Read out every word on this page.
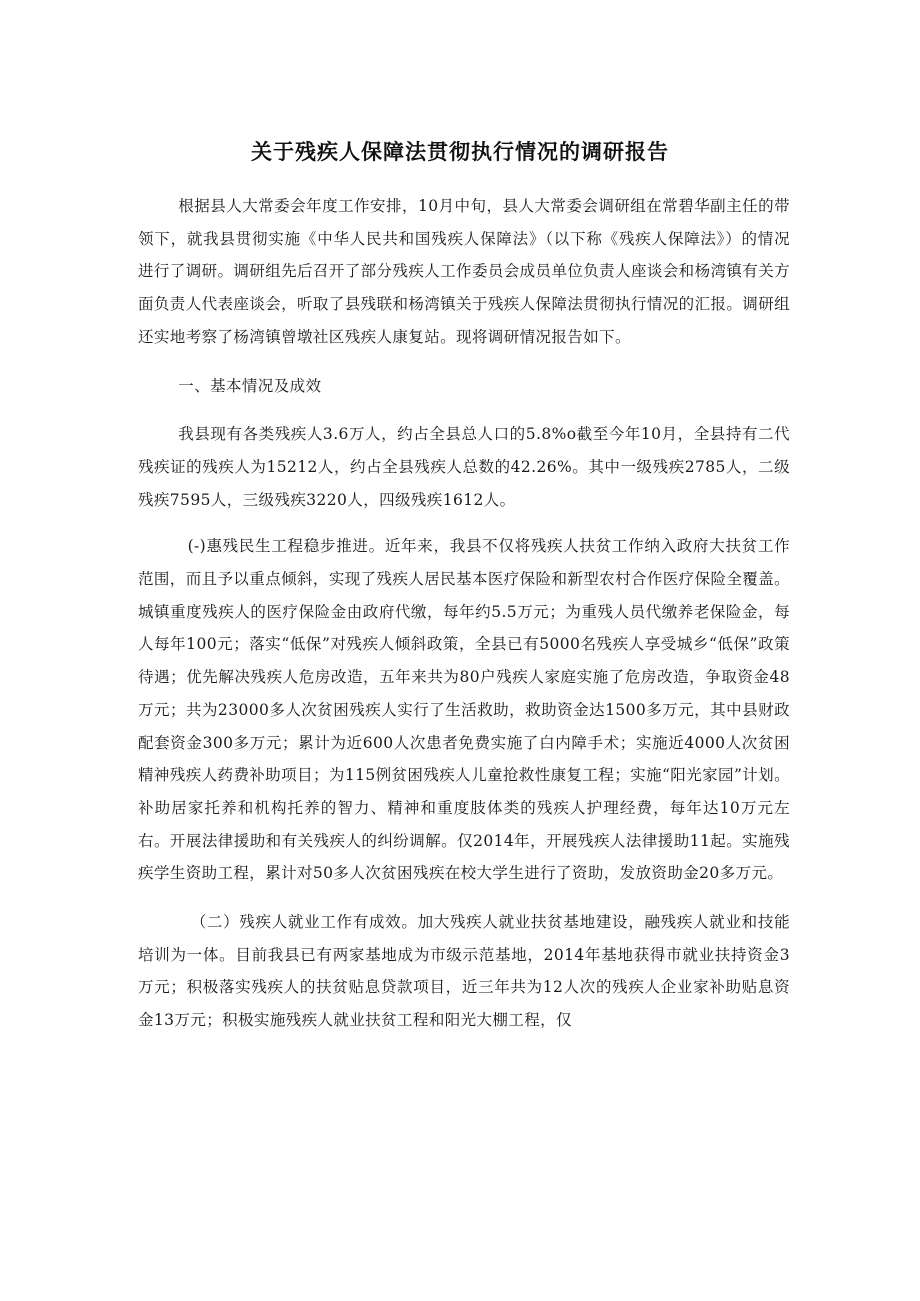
关于残疾人保障法贯彻执行情况的调研报告

根据县人大常委会年度工作安排，10月中旬，县人大常委会调研组在常碧华副主任的带领下，就我县贯彻实施《中华人民共和国残疾人保障法》（以下称《残疾人保障法》）的情况进行了调研。调研组先后召开了部分残疾人工作委员会成员单位负责人座谈会和杨湾镇有关方面负责人代表座谈会，听取了县残联和杨湾镇关于残疾人保障法贯彻执行情况的汇报。调研组还实地考察了杨湾镇曾墩社区残疾人康复站。现将调研情况报告如下。

一、基本情况及成效

我县现有各类残疾人3.6万人，约占全县总人口的5.8%o截至今年10月，全县持有二代残疾证的残疾人为15212人，约占全县残疾人总数的42.26%。其中一级残疾2785人，二级残疾7595人，三级残疾3220人，四级残疾1612人。

(-)惠残民生工程稳步推进。近年来，我县不仅将残疾人扶贫工作纳入政府大扶贫工作范围，而且予以重点倾斜，实现了残疾人居民基本医疗保险和新型农村合作医疗保险全覆盖。城镇重度残疾人的医疗保险金由政府代缴，每年约5.5万元；为重残人员代缴养老保险金，每人每年100元；落实“低保”对残疾人倾斜政策，全县已有5000名残疾人享受城乡“低保”政策待遇；优先解决残疾人危房改造，五年来共为80户残疾人家庭实施了危房改造，争取资金48万元；共为23000多人次贫困残疾人实行了生活救助，救助资金达1500多万元，其中县财政配套资金300多万元；累计为近600人次患者免费实施了白内障手术；实施近4000人次贫困精神残疾人药费补助项目；为115例贫困残疾人儿童抢救性康复工程；实施“阳光家园”计划。补助居家托养和机构托养的智力、精神和重度肢体类的残疾人护理经费，每年达10万元左右。开展法律援助和有关残疾人的纠纷调解。仅2014年，开展残疾人法律援助11起。实施残疾学生资助工程，累计对50多人次贫困残疾在校大学生进行了资助，发放资助金20多万元。

（二）残疾人就业工作有成效。加大残疾人就业扶贫基地建设，融残疾人就业和技能培训为一体。目前我县已有两家基地成为市级示范基地，2014年基地获得市就业扶持资金3万元；积极落实残疾人的扶贫贴息贷款项目，近三年共为12人次的残疾人企业家补助贴息资金13万元；积极实施残疾人就业扶贫工程和阳光大棚工程，仅
